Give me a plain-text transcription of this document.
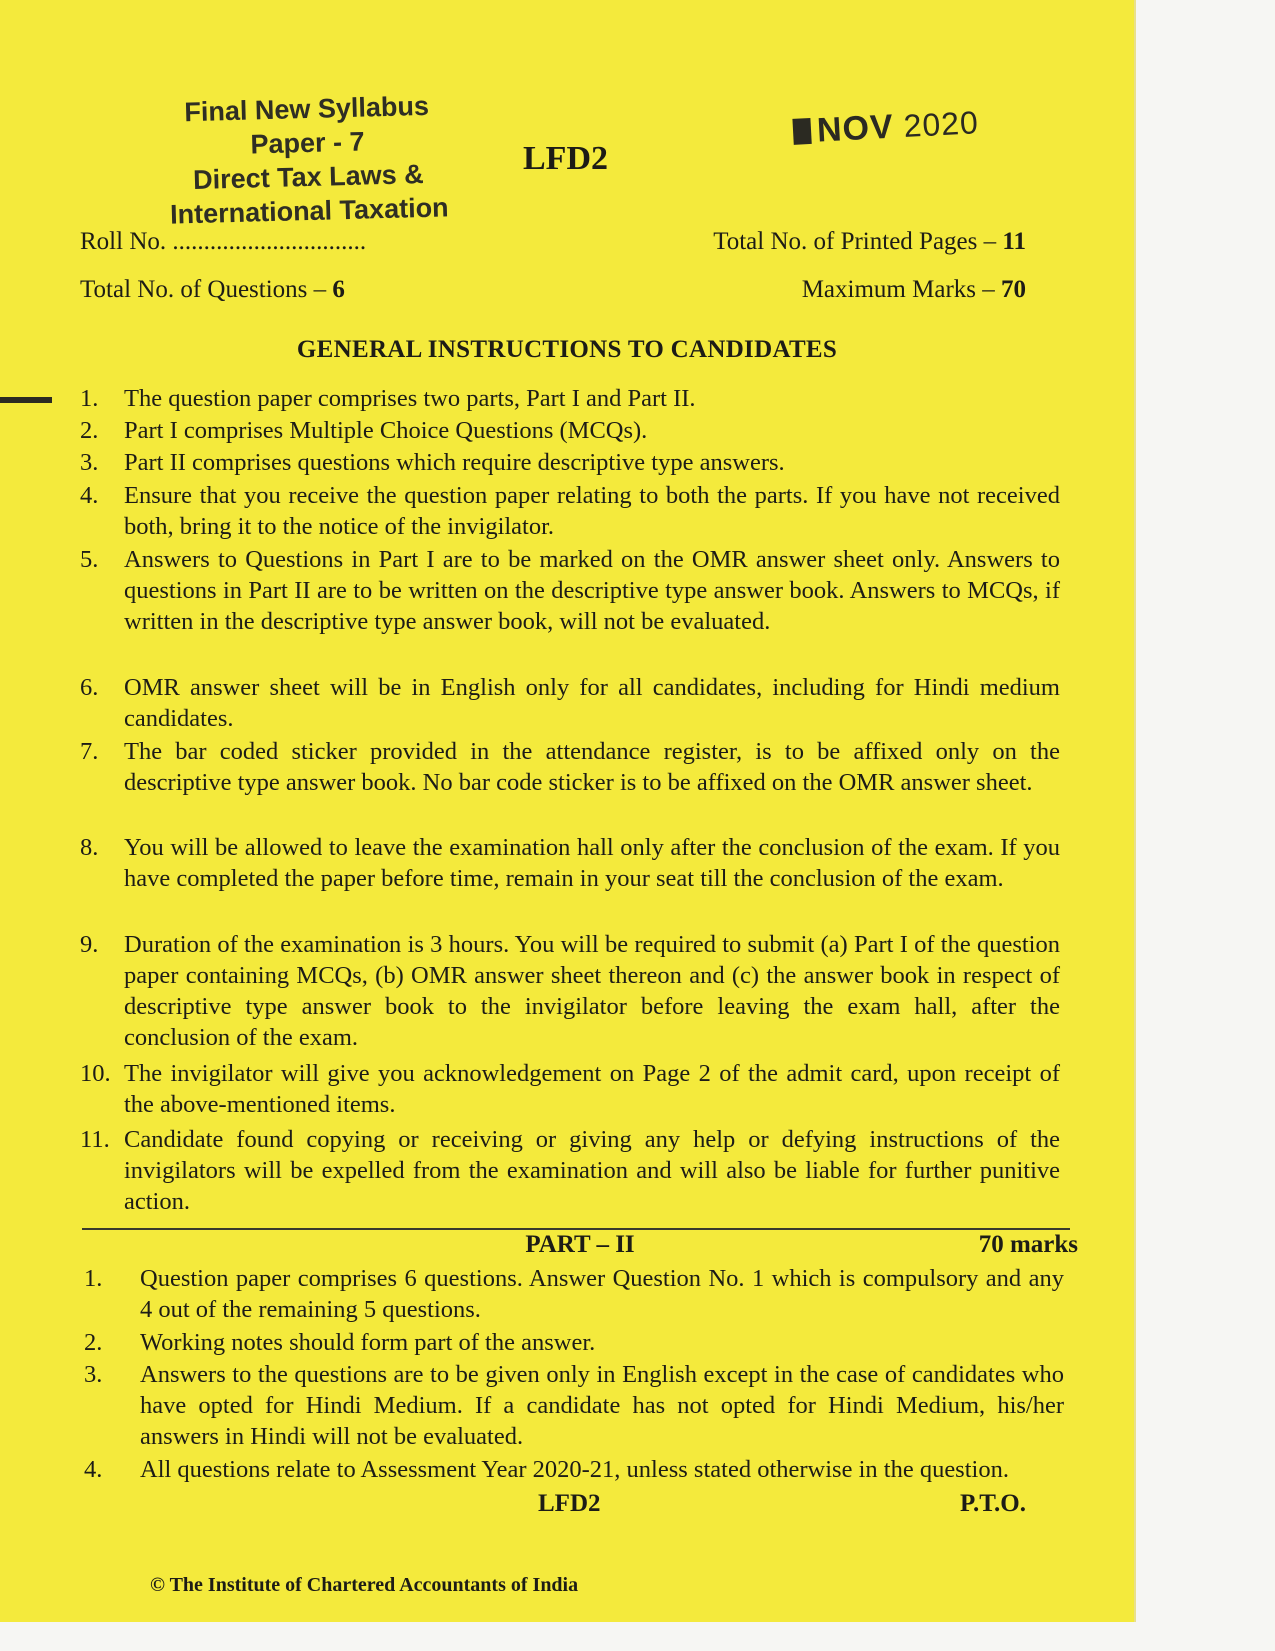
Final New Syllabus
Paper - 7
Direct Tax Laws &
International Taxation
LFD2
NOV 2020
Roll No. ...............................	Total No. of Printed Pages – 11
Total No. of Questions – 6	Maximum Marks – 70
GENERAL INSTRUCTIONS TO CANDIDATES
1.	The question paper comprises two parts, Part I and Part II.
2.	Part I comprises Multiple Choice Questions (MCQs).
3.	Part II comprises questions which require descriptive type answers.
4.	Ensure that you receive the question paper relating to both the parts. If you have not received both, bring it to the notice of the invigilator.
5.	Answers to Questions in Part I are to be marked on the OMR answer sheet only. Answers to questions in Part II are to be written on the descriptive type answer book. Answers to MCQs, if written in the descriptive type answer book, will not be evaluated.
6.	OMR answer sheet will be in English only for all candidates, including for Hindi medium candidates.
7.	The bar coded sticker provided in the attendance register, is to be affixed only on the descriptive type answer book. No bar code sticker is to be affixed on the OMR answer sheet.
8.	You will be allowed to leave the examination hall only after the conclusion of the exam. If you have completed the paper before time, remain in your seat till the conclusion of the exam.
9.	Duration of the examination is 3 hours. You will be required to submit (a) Part I of the question paper containing MCQs, (b) OMR answer sheet thereon and (c) the answer book in respect of descriptive type answer book to the invigilator before leaving the exam hall, after the conclusion of the exam.
10. The invigilator will give you acknowledgement on Page 2 of the admit card, upon receipt of the above-mentioned items.
11. Candidate found copying or receiving or giving any help or defying instructions of the invigilators will be expelled from the examination and will also be liable for further punitive action.
PART – II	70 marks
1.	Question paper comprises 6 questions. Answer Question No. 1 which is compulsory and any 4 out of the remaining 5 questions.
2.	Working notes should form part of the answer.
3.	Answers to the questions are to be given only in English except in the case of candidates who have opted for Hindi Medium. If a candidate has not opted for Hindi Medium, his/her answers in Hindi will not be evaluated.
4.	All questions relate to Assessment Year 2020-21, unless stated otherwise in the question.
LFD2	P.T.O.
© The Institute of Chartered Accountants of India
